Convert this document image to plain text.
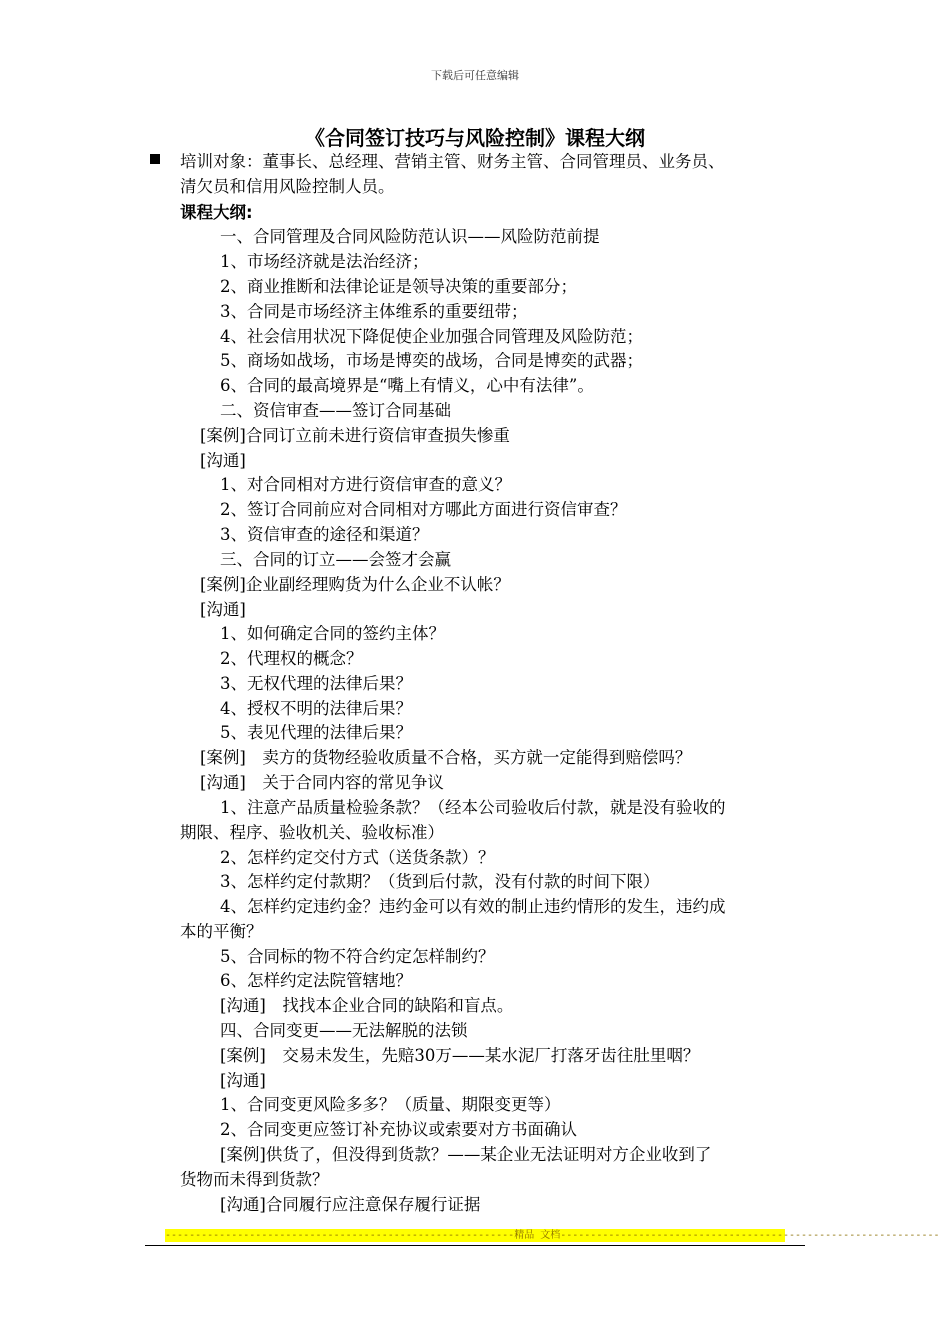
下载后可任意编辑
《合同签订技巧与风险控制》课程大纲
培训对象：董事长、总经理、营销主管、财务主管、合同管理员、业务员、
清欠员和信用风险控制人员。
课程大纲:
一、合同管理及合同风险防范认识——风险防范前提
1、市场经济就是法治经济；
2、商业推断和法律论证是领导决策的重要部分；
3、合同是市场经济主体维系的重要纽带；
4、社会信用状况下降促使企业加强合同管理及风险防范；
5、商场如战场，市场是博奕的战场，合同是博奕的武器；
6、合同的最高境界是“嘴上有情义，心中有法律”。
二、资信审查——签订合同基础
[案例]合同订立前未进行资信审查损失惨重
[沟通]
1、对合同相对方进行资信审查的意义？
2、签订合同前应对合同相对方哪此方面进行资信审查？
3、资信审查的途径和渠道？
三、合同的订立——会签才会赢
[案例]企业副经理购货为什么企业不认帐？
[沟通]
1、如何确定合同的签约主体？
2、代理权的概念？
3、无权代理的法律后果？
4、授权不明的法律后果？
5、表见代理的法律后果？
[案例]　卖方的货物经验收质量不合格，买方就一定能得到赔偿吗？
[沟通]　关于合同内容的常见争议
1、注意产品质量检验条款？（经本公司验收后付款，就是没有验收的
期限、程序、验收机关、验收标准）
2、怎样约定交付方式（送货条款）？
3、怎样约定付款期？（货到后付款，没有付款的时间下限）
4、怎样约定违约金？违约金可以有效的制止违约情形的发生，违约成
本的平衡？
5、合同标的物不符合约定怎样制约？
6、怎样约定法院管辖地？
[沟通]　找找本企业合同的缺陷和盲点。
四、合同变更——无法解脱的法锁
[案例]　交易未发生，先赔30万——某水泥厂打落牙齿往肚里咽？
[沟通]
1、合同变更风险多多？（质量、期限变更等）
2、合同变更应签订补充协议或索要对方书面确认
[案例]供货了，但没得到货款？——某企业无法证明对方企业收到了
货物而未得到货款？
[沟通]合同履行应注意保存履行证据
----------------------------------------------------------精品 文档---------------------------------------------------------------
